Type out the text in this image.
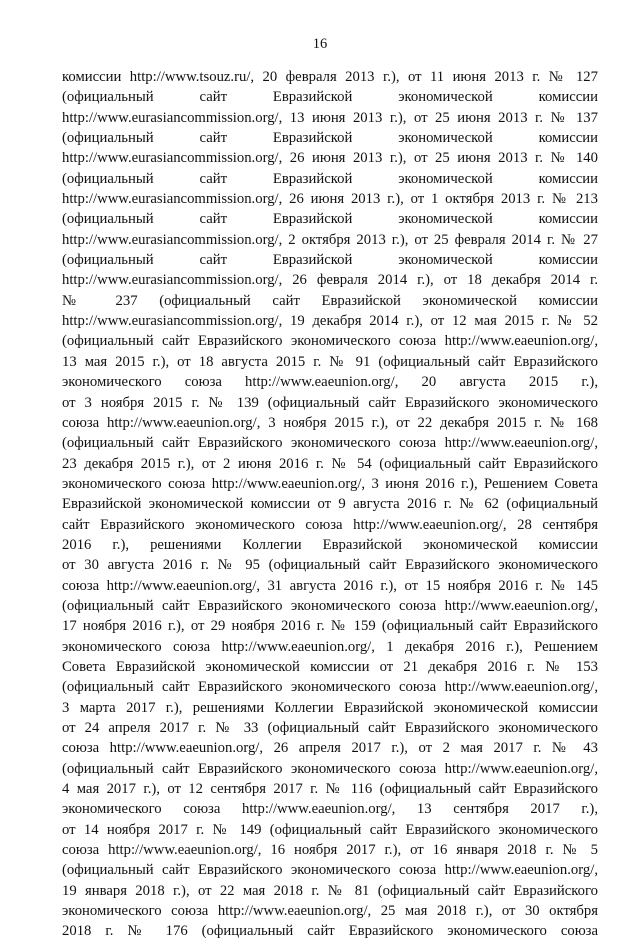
16
комиссии http://www.tsouz.ru/, 20 февраля 2013 г.), от 11 июня 2013 г. № 127
(официальный сайт Евразийской экономической комиссии
http://www.eurasiancommission.org/, 13 июня 2013 г.), от 25 июня 2013 г. № 137
(официальный сайт Евразийской экономической комиссии
http://www.eurasiancommission.org/, 26 июня 2013 г.), от 25 июня 2013 г. № 140
(официальный сайт Евразийской экономической комиссии
http://www.eurasiancommission.org/, 26 июня 2013 г.), от 1 октября 2013 г. № 213
(официальный сайт Евразийской экономической комиссии
http://www.eurasiancommission.org/, 2 октября 2013 г.), от 25 февраля 2014 г. № 27
(официальный сайт Евразийской экономической комиссии
http://www.eurasiancommission.org/, 26 февраля 2014 г.), от 18 декабря 2014 г.
№ 237 (официальный сайт Евразийской экономической комиссии
http://www.eurasiancommission.org/, 19 декабря 2014 г.), от 12 мая 2015 г. № 52
(официальный сайт Евразийского экономического союза http://www.eaeunion.org/,
13 мая 2015 г.), от 18 августа 2015 г. № 91 (официальный сайт Евразийского
экономического союза http://www.eaeunion.org/, 20 августа 2015 г.),
от 3 ноября 2015 г. № 139 (официальный сайт Евразийского экономического
союза http://www.eaeunion.org/, 3 ноября 2015 г.), от 22 декабря 2015 г. № 168
(официальный сайт Евразийского экономического союза http://www.eaeunion.org/,
23 декабря 2015 г.), от 2 июня 2016 г. № 54 (официальный сайт Евразийского
экономического союза http://www.eaeunion.org/, 3 июня 2016 г.), Решением Совета
Евразийской экономической комиссии от 9 августа 2016 г. № 62 (официальный
сайт Евразийского экономического союза http://www.eaeunion.org/, 28 сентября
2016 г.), решениями Коллегии Евразийской экономической комиссии
от 30 августа 2016 г. № 95 (официальный сайт Евразийского экономического
союза http://www.eaeunion.org/, 31 августа 2016 г.), от 15 ноября 2016 г. № 145
(официальный сайт Евразийского экономического союза http://www.eaeunion.org/,
17 ноября 2016 г.), от 29 ноября 2016 г. № 159 (официальный сайт Евразийского
экономического союза http://www.eaeunion.org/, 1 декабря 2016 г.), Решением
Совета Евразийской экономической комиссии от 21 декабря 2016 г. № 153
(официальный сайт Евразийского экономического союза http://www.eaeunion.org/,
3 марта 2017 г.), решениями Коллегии Евразийской экономической комиссии
от 24 апреля 2017 г. № 33 (официальный сайт Евразийского экономического
союза http://www.eaeunion.org/, 26 апреля 2017 г.), от 2 мая 2017 г. № 43
(официальный сайт Евразийского экономического союза http://www.eaeunion.org/,
4 мая 2017 г.), от 12 сентября 2017 г. № 116 (официальный сайт Евразийского
экономического союза http://www.eaeunion.org/, 13 сентября 2017 г.),
от 14 ноября 2017 г. № 149 (официальный сайт Евразийского экономического
союза http://www.eaeunion.org/, 16 ноября 2017 г.), от 16 января 2018 г. № 5
(официальный сайт Евразийского экономического союза http://www.eaeunion.org/,
19 января 2018 г.), от 22 мая 2018 г. № 81 (официальный сайт Евразийского
экономического союза http://www.eaeunion.org/, 25 мая 2018 г.), от 30 октября
2018 г. № 176 (официальный сайт Евразийского экономического союза
